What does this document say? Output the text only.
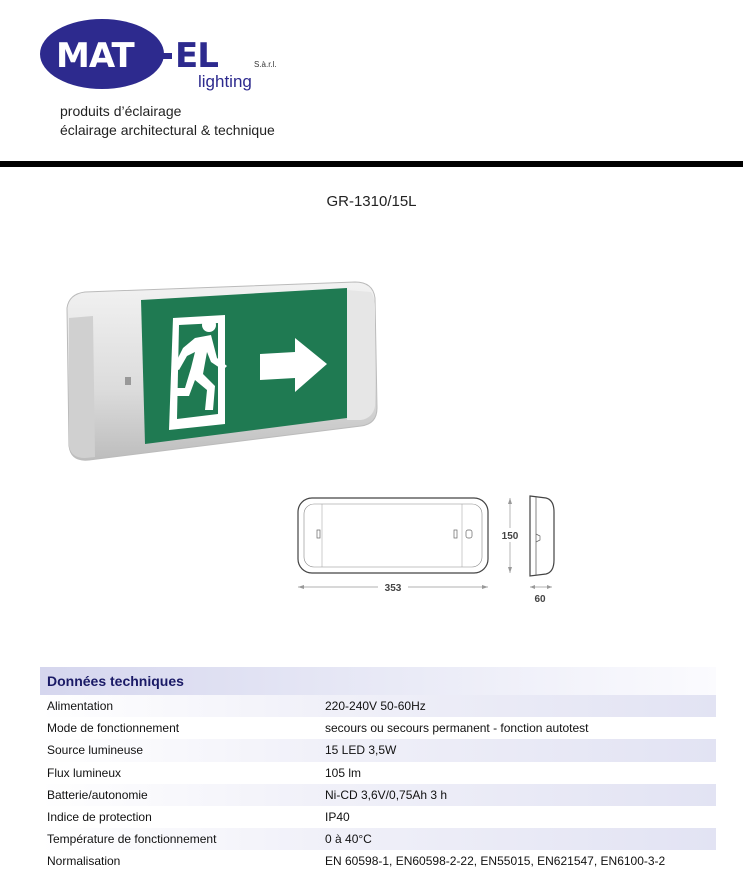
MAT EL	S.à.r.l.
lighting
produits d’éclairage
éclairage architectural & technique
GR-1310/15L
353
150
60
Données techniques
Alimentation	220-240V 50-60Hz
Mode de fonctionnement	secours ou secours permanent - fonction autotest
Source lumineuse	15 LED 3,5W
Flux lumineux	105 lm
Batterie/autonomie	Ni-CD 3,6V/0,75Ah 3 h
Indice de protection	IP40
Température de fonctionnement	0 à 40°C
Normalisation	EN 60598-1, EN60598-2-22, EN55015, EN621547, EN6100-3-2
